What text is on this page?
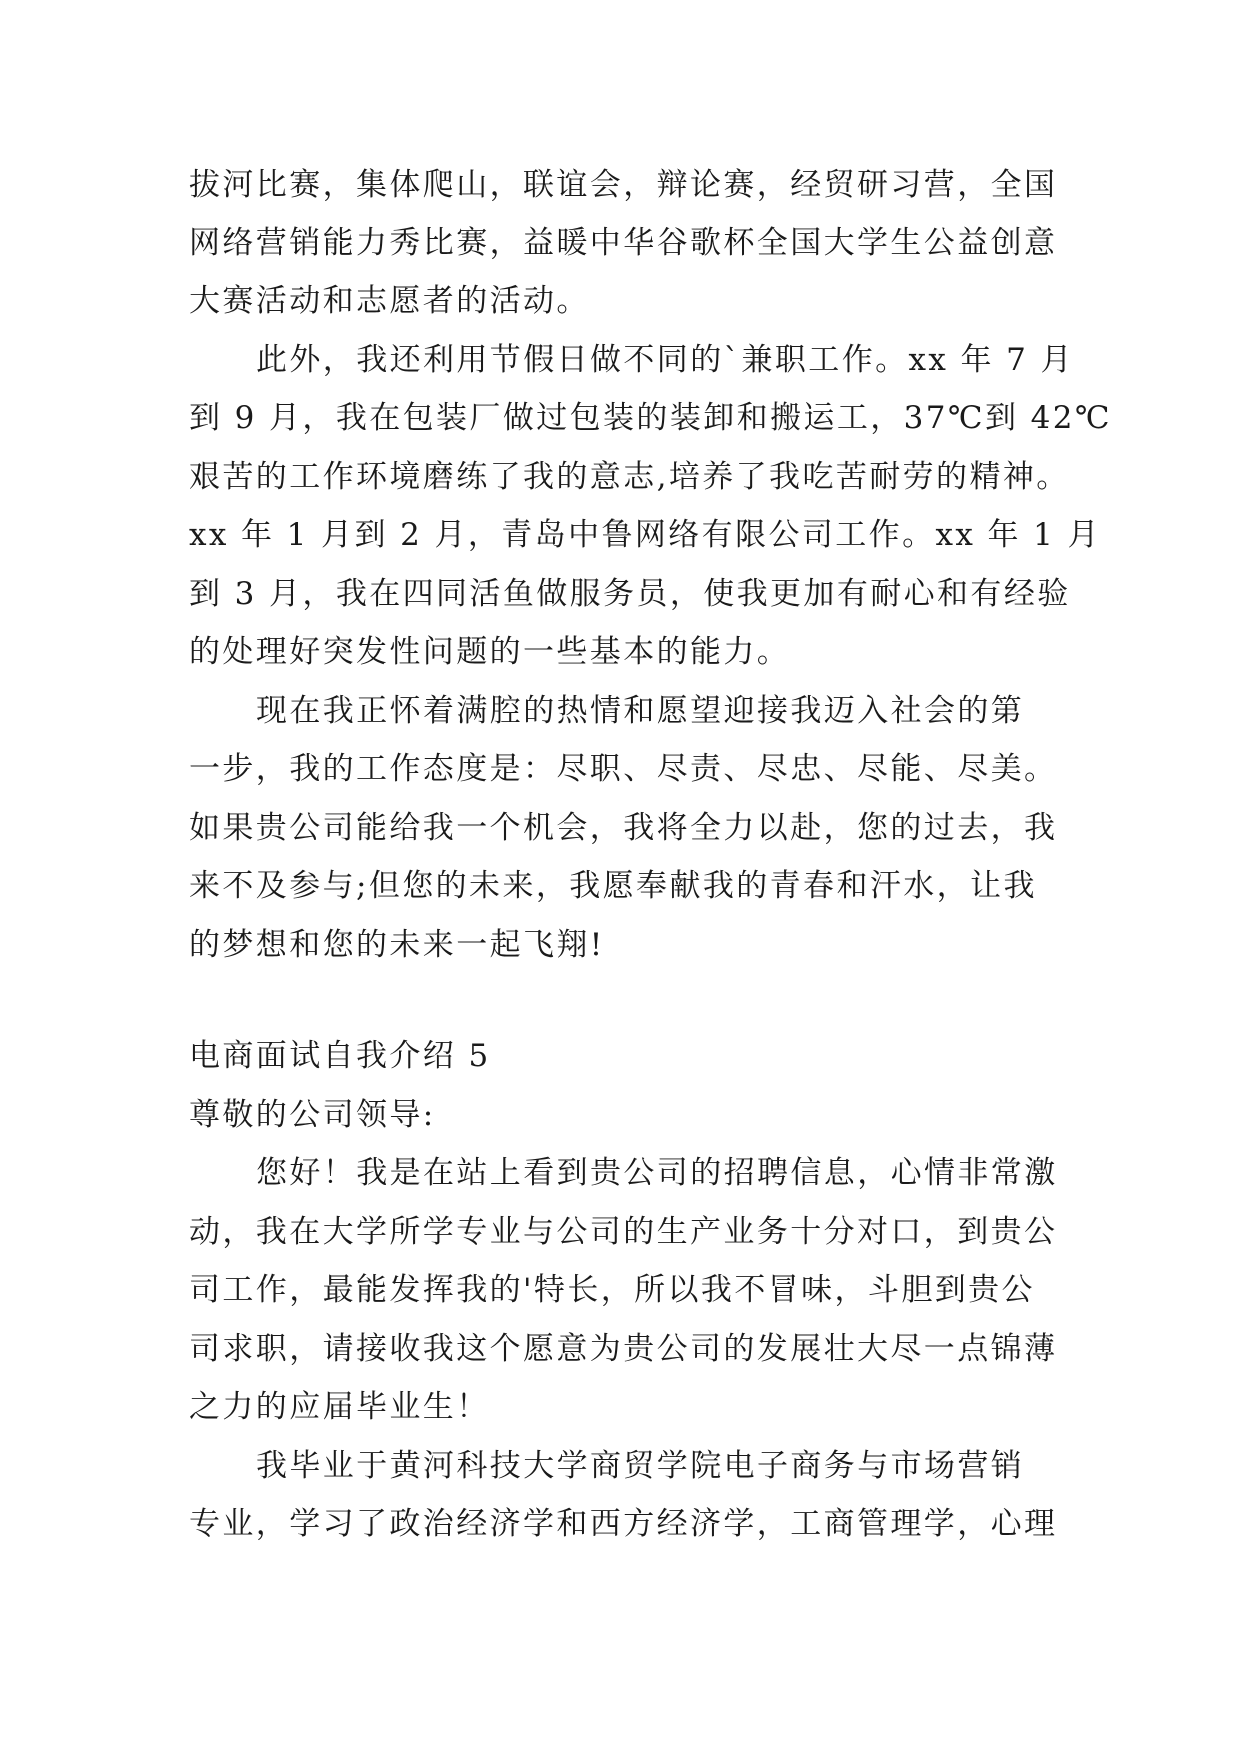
拔河比赛，集体爬山，联谊会，辩论赛，经贸研习营，全国
网络营销能力秀比赛，益暖中华谷歌杯全国大学生公益创意
大赛活动和志愿者的活动。
此外，我还利用节假日做不同的`兼职工作。xx 年 7 月
到 9 月，我在包装厂做过包装的装卸和搬运工，37℃到 42℃
艰苦的工作环境磨练了我的意志,培养了我吃苦耐劳的精神。
xx 年 1 月到 2 月，青岛中鲁网络有限公司工作。xx 年 1 月
到 3 月，我在四同活鱼做服务员，使我更加有耐心和有经验
的处理好突发性问题的一些基本的能力。
现在我正怀着满腔的热情和愿望迎接我迈入社会的第
一步，我的工作态度是：尽职、尽责、尽忠、尽能、尽美。
如果贵公司能给我一个机会，我将全力以赴，您的过去，我
来不及参与;但您的未来，我愿奉献我的青春和汗水，让我
的梦想和您的未来一起飞翔!
电商面试自我介绍 5
尊敬的公司领导:
您好！我是在站上看到贵公司的招聘信息，心情非常激
动，我在大学所学专业与公司的生产业务十分对口，到贵公
司工作，最能发挥我的'特长，所以我不冒味，斗胆到贵公
司求职，请接收我这个愿意为贵公司的发展壮大尽一点锦薄
之力的应届毕业生！
我毕业于黄河科技大学商贸学院电子商务与市场营销
专业，学习了政治经济学和西方经济学，工商管理学，心理
